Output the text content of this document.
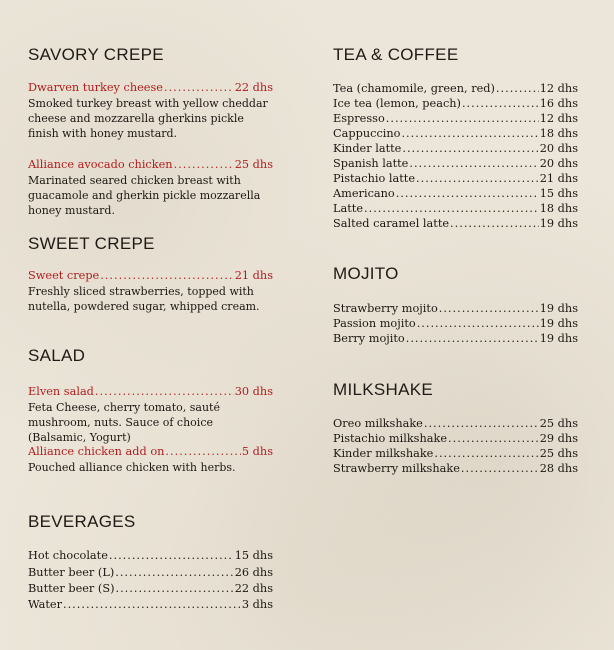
SAVORY CREPE
Dwarven turkey cheese .....	22 dhs
Smoked turkey breast with yellow cheddar cheese and mozzarella gherkins pickle finish with honey mustard.
Alliance avocado chicken .....	25 dhs
Marinated seared chicken breast with guacamole and gherkin pickle mozzarella honey mustard.
SWEET CREPE
Sweet crepe .....	21 dhs
Freshly sliced strawberries, topped with nutella, powdered sugar, whipped cream.
SALAD
Elven salad .....	30 dhs
Feta Cheese, cherry tomato, sauté mushroom, nuts. Sauce of choice (Balsamic, Yogurt)
Alliance chicken add on .....	5 dhs
Pouched alliance chicken with herbs.
BEVERAGES
Hot chocolate .....	15 dhs
Butter beer (L) .....	26 dhs
Butter beer (S) .....	22 dhs
Water .....	3 dhs
TEA & COFFEE
Tea (chamomile, green, red) .....	12 dhs
Ice tea (lemon, peach) .....	16 dhs
Espresso .....	12 dhs
Cappuccino .....	18 dhs
Kinder latte .....	20 dhs
Spanish latte .....	20 dhs
Pistachio latte .....	21 dhs
Americano .....	15 dhs
Latte .....	18 dhs
Salted caramel latte .....	19 dhs
MOJITO
Strawberry mojito .....	19 dhs
Passion mojito .....	19 dhs
Berry mojito .....	19 dhs
MILKSHAKE
Oreo milkshake .....	25 dhs
Pistachio milkshake .....	29 dhs
Kinder milkshake .....	25 dhs
Strawberry milkshake .....	28 dhs
